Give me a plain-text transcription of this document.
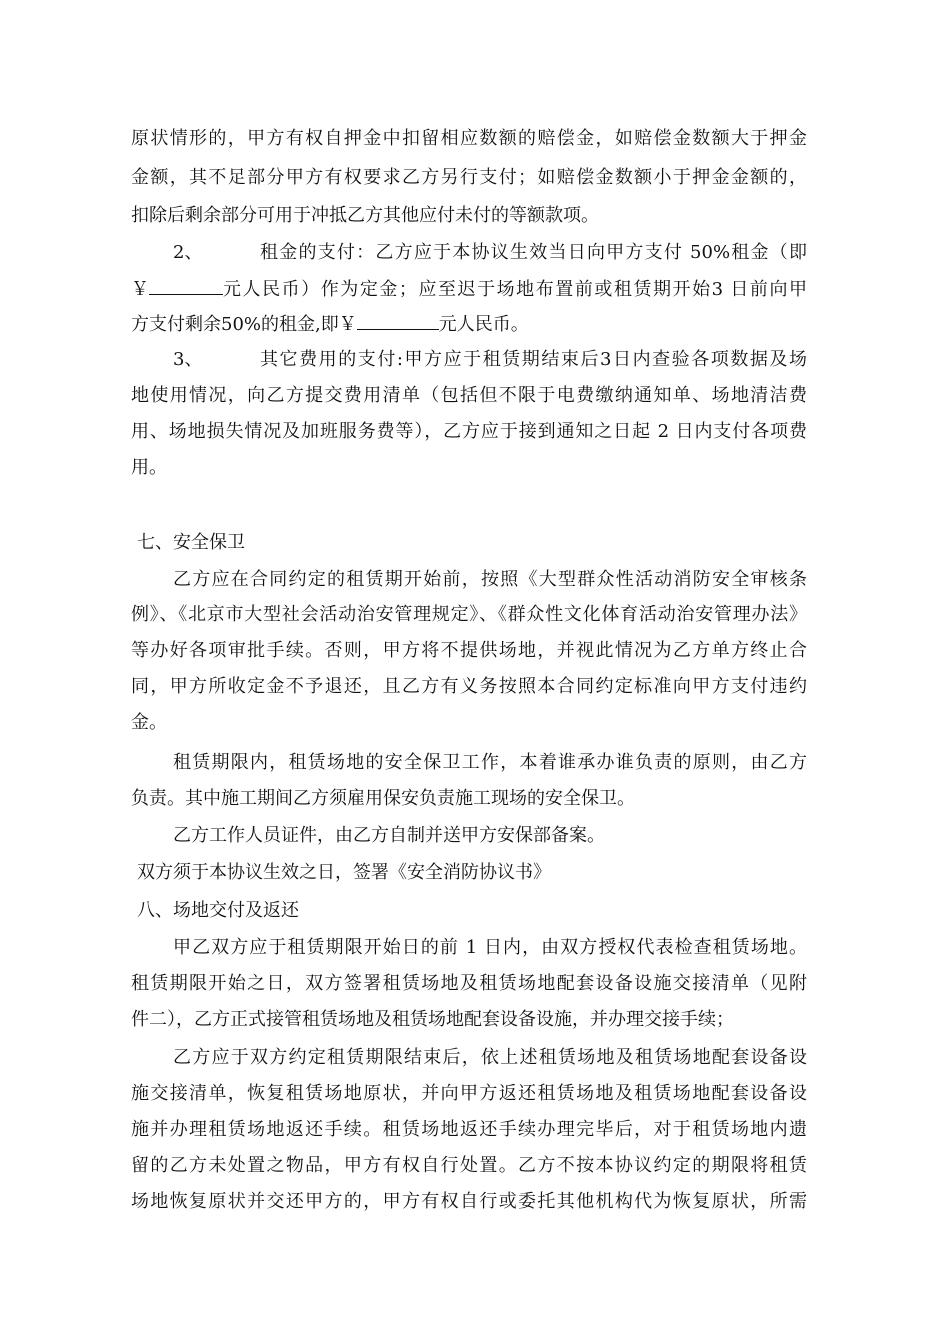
原状情形的，甲方有权自押金中扣留相应数额的赔偿金，如赔偿金数额大于押金
金额，其不足部分甲方有权要求乙方另行支付；如赔偿金数额小于押金金额的，
扣除后剩余部分可用于冲抵乙方其他应付未付的等额款项。
2、	租金的支付：乙方应于本协议生效当日向甲方支付 50%租金（即
￥	元人民币）作为定金；应至迟于场地布置前或租赁期开始3 日前向甲
方支付剩余50%的租金,即￥	元人民币。
3、	其它费用的支付:甲方应于租赁期结束后3日内查验各项数据及场
地使用情况，向乙方提交费用清单（包括但不限于电费缴纳通知单、场地清洁费
用、场地损失情况及加班服务费等），乙方应于接到通知之日起 2 日内支付各项费
用。
七、安全保卫
乙方应在合同约定的租赁期开始前，按照《大型群众性活动消防安全审核条
例》、《北京市大型社会活动治安管理规定》、《群众性文化体育活动治安管理办法》
等办好各项审批手续。否则，甲方将不提供场地，并视此情况为乙方单方终止合
同，甲方所收定金不予退还，且乙方有义务按照本合同约定标准向甲方支付违约
金。
租赁期限内，租赁场地的安全保卫工作，本着谁承办谁负责的原则，由乙方
负责。其中施工期间乙方须雇用保安负责施工现场的安全保卫。
乙方工作人员证件，由乙方自制并送甲方安保部备案。
双方须于本协议生效之日，签署《安全消防协议书》
八、场地交付及返还
甲乙双方应于租赁期限开始日的前 1 日内，由双方授权代表检查租赁场地。
租赁期限开始之日，双方签署租赁场地及租赁场地配套设备设施交接清单（见附
件二），乙方正式接管租赁场地及租赁场地配套设备设施，并办理交接手续；
乙方应于双方约定租赁期限结束后，依上述租赁场地及租赁场地配套设备设
施交接清单，恢复租赁场地原状，并向甲方返还租赁场地及租赁场地配套设备设
施并办理租赁场地返还手续。租赁场地返还手续办理完毕后，对于租赁场地内遗
留的乙方未处置之物品，甲方有权自行处置。乙方不按本协议约定的期限将租赁
场地恢复原状并交还甲方的，甲方有权自行或委托其他机构代为恢复原状，所需
